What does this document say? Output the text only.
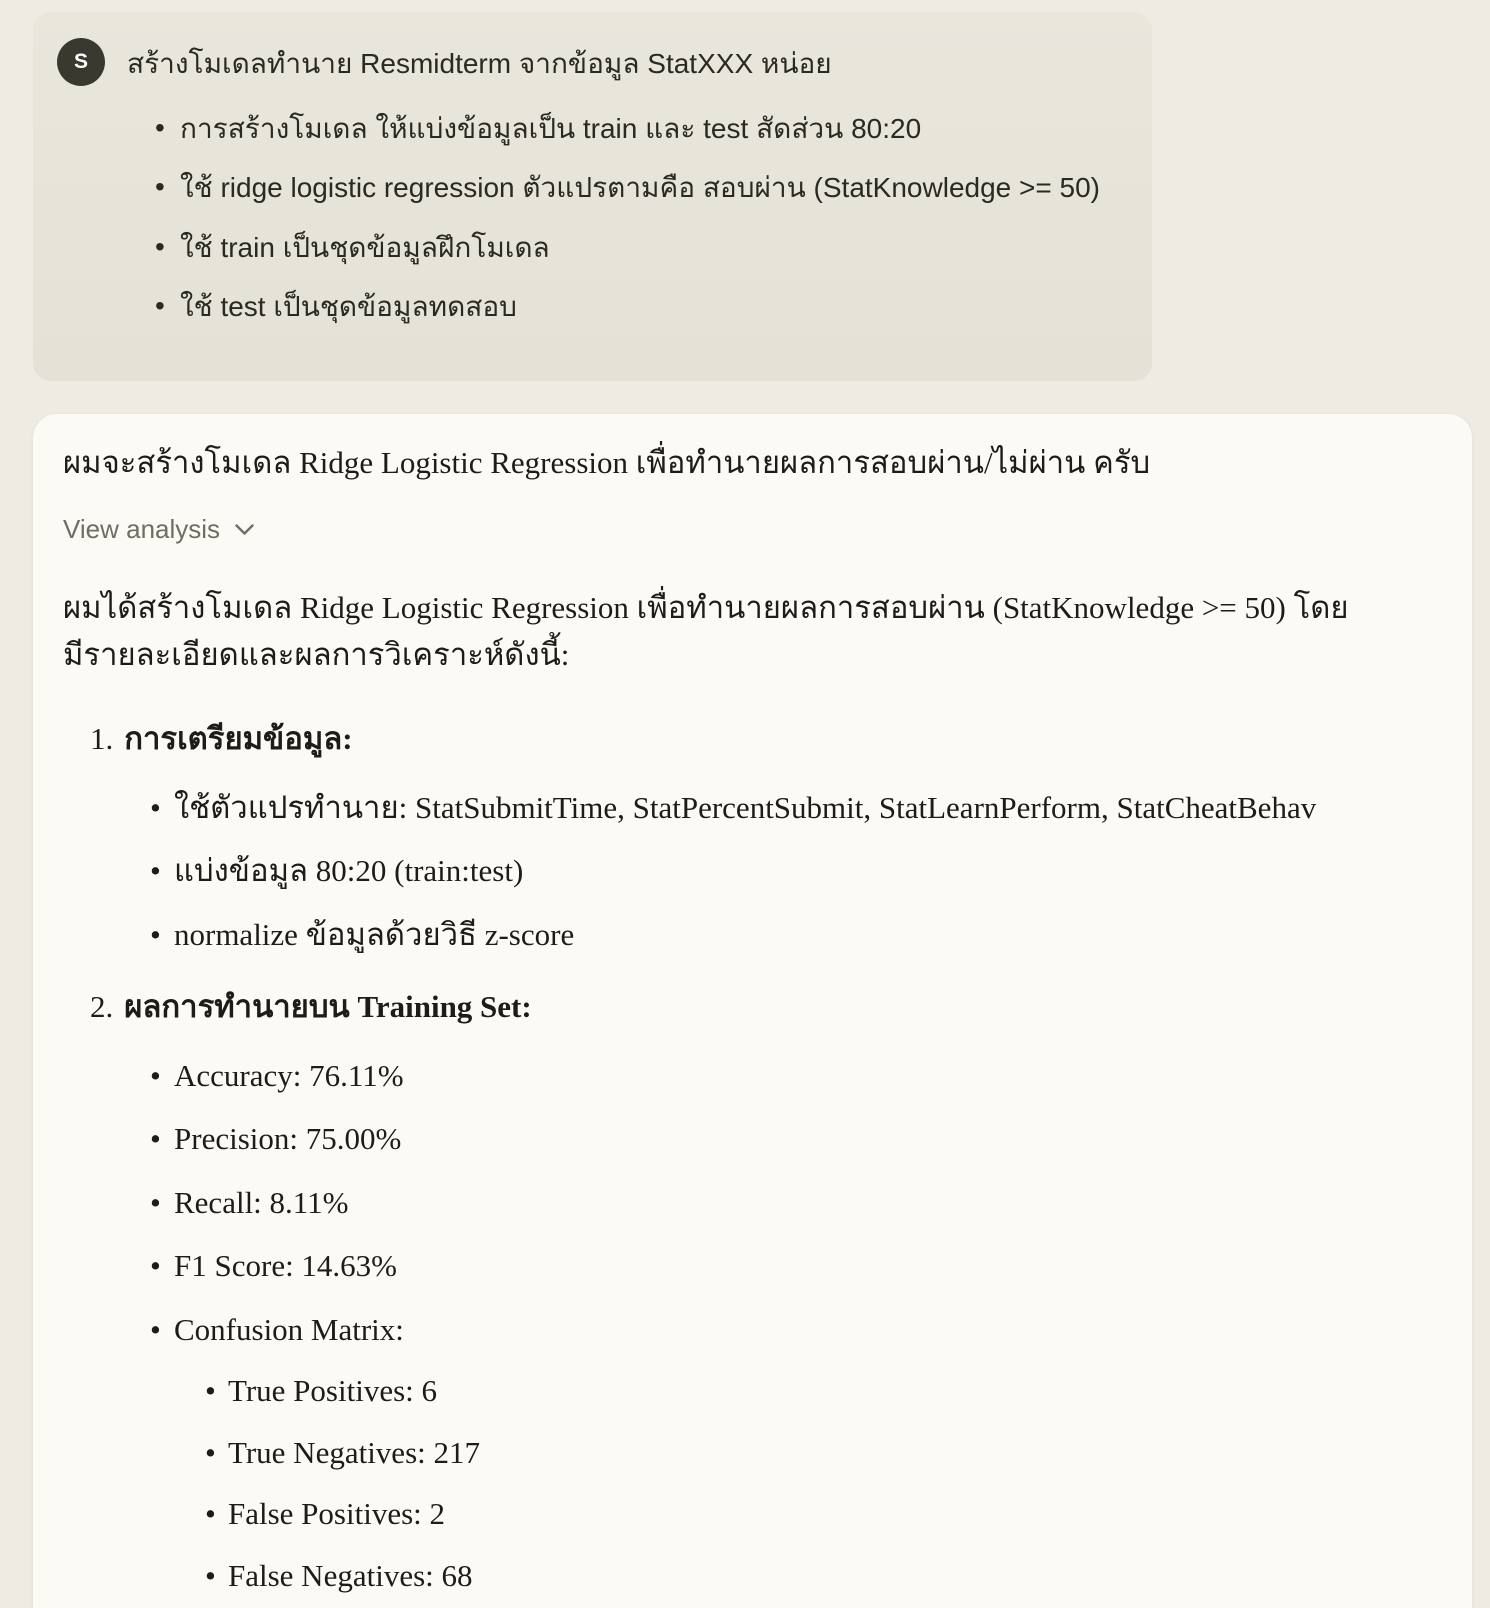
S สร้างโมเดลทำนาย Resmidterm จากข้อมูล StatXXX หน่อย
• การสร้างโมเดล ให้แบ่งข้อมูลเป็น train และ test สัดส่วน 80:20
• ใช้ ridge logistic regression ตัวแปรตามคือ สอบผ่าน (StatKnowledge >= 50)
• ใช้ train เป็นชุดข้อมูลฝึกโมเดล
• ใช้ test เป็นชุดข้อมูลทดสอบ

ผมจะสร้างโมเดล Ridge Logistic Regression เพื่อทำนายผลการสอบผ่าน/ไม่ผ่าน ครับ

View analysis

ผมได้สร้างโมเดล Ridge Logistic Regression เพื่อทำนายผลการสอบผ่าน (StatKnowledge >= 50) โดยมีรายละเอียดและผลการวิเคราะห์ดังนี้:

1. การเตรียมข้อมูล:
• ใช้ตัวแปรทำนาย: StatSubmitTime, StatPercentSubmit, StatLearnPerform, StatCheatBehav
• แบ่งข้อมูล 80:20 (train:test)
• normalize ข้อมูลด้วยวิธี z-score
2. ผลการทำนายบน Training Set:
• Accuracy: 76.11%
• Precision: 75.00%
• Recall: 8.11%
• F1 Score: 14.63%
• Confusion Matrix:
• True Positives: 6
• True Negatives: 217
• False Positives: 2
• False Negatives: 68
